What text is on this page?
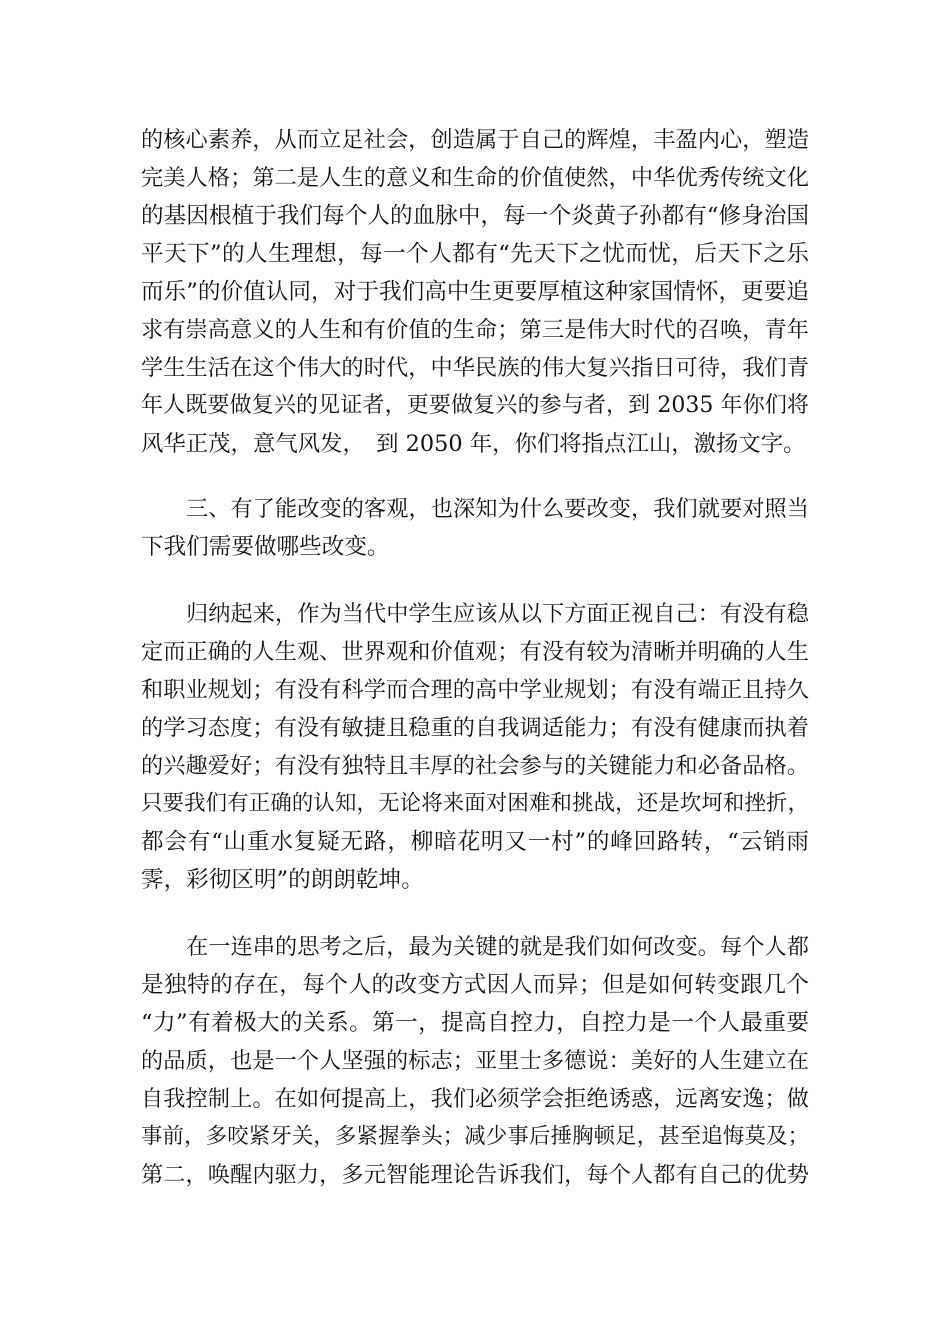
的核心素养，从而立足社会，创造属于自己的辉煌，丰盈内心，塑造
完美人格；第二是人生的意义和生命的价值使然，中华优秀传统文化
的基因根植于我们每个人的血脉中，每一个炎黄子孙都有“修身治国
平天下”的人生理想，每一个人都有“先天下之忧而忧，后天下之乐
而乐”的价值认同，对于我们高中生更要厚植这种家国情怀，更要追
求有崇高意义的人生和有价值的生命；第三是伟大时代的召唤，青年
学生生活在这个伟大的时代，中华民族的伟大复兴指日可待，我们青
年人既要做复兴的见证者，更要做复兴的参与者，到 2035 年你们将
风华正茂，意气风发，　到 2050 年，你们将指点江山，激扬文字。
三、有了能改变的客观，也深知为什么要改变，我们就要对照当
下我们需要做哪些改变。
归纳起来，作为当代中学生应该从以下方面正视自己：有没有稳
定而正确的人生观、世界观和价值观；有没有较为清晰并明确的人生
和职业规划；有没有科学而合理的高中学业规划；有没有端正且持久
的学习态度；有没有敏捷且稳重的自我调适能力；有没有健康而执着
的兴趣爱好；有没有独特且丰厚的社会参与的关键能力和必备品格。
只要我们有正确的认知，无论将来面对困难和挑战，还是坎坷和挫折，
都会有“山重水复疑无路，柳暗花明又一村”的峰回路转，“云销雨
霁，彩彻区明”的朗朗乾坤。
在一连串的思考之后，最为关键的就是我们如何改变。每个人都
是独特的存在，每个人的改变方式因人而异；但是如何转变跟几个
“力”有着极大的关系。第一，提高自控力，自控力是一个人最重要
的品质，也是一个人坚强的标志；亚里士多德说：美好的人生建立在
自我控制上。在如何提高上，我们必须学会拒绝诱惑，远离安逸；做
事前，多咬紧牙关，多紧握拳头；减少事后捶胸顿足，甚至追悔莫及；
第二，唤醒内驱力，多元智能理论告诉我们，每个人都有自己的优势
